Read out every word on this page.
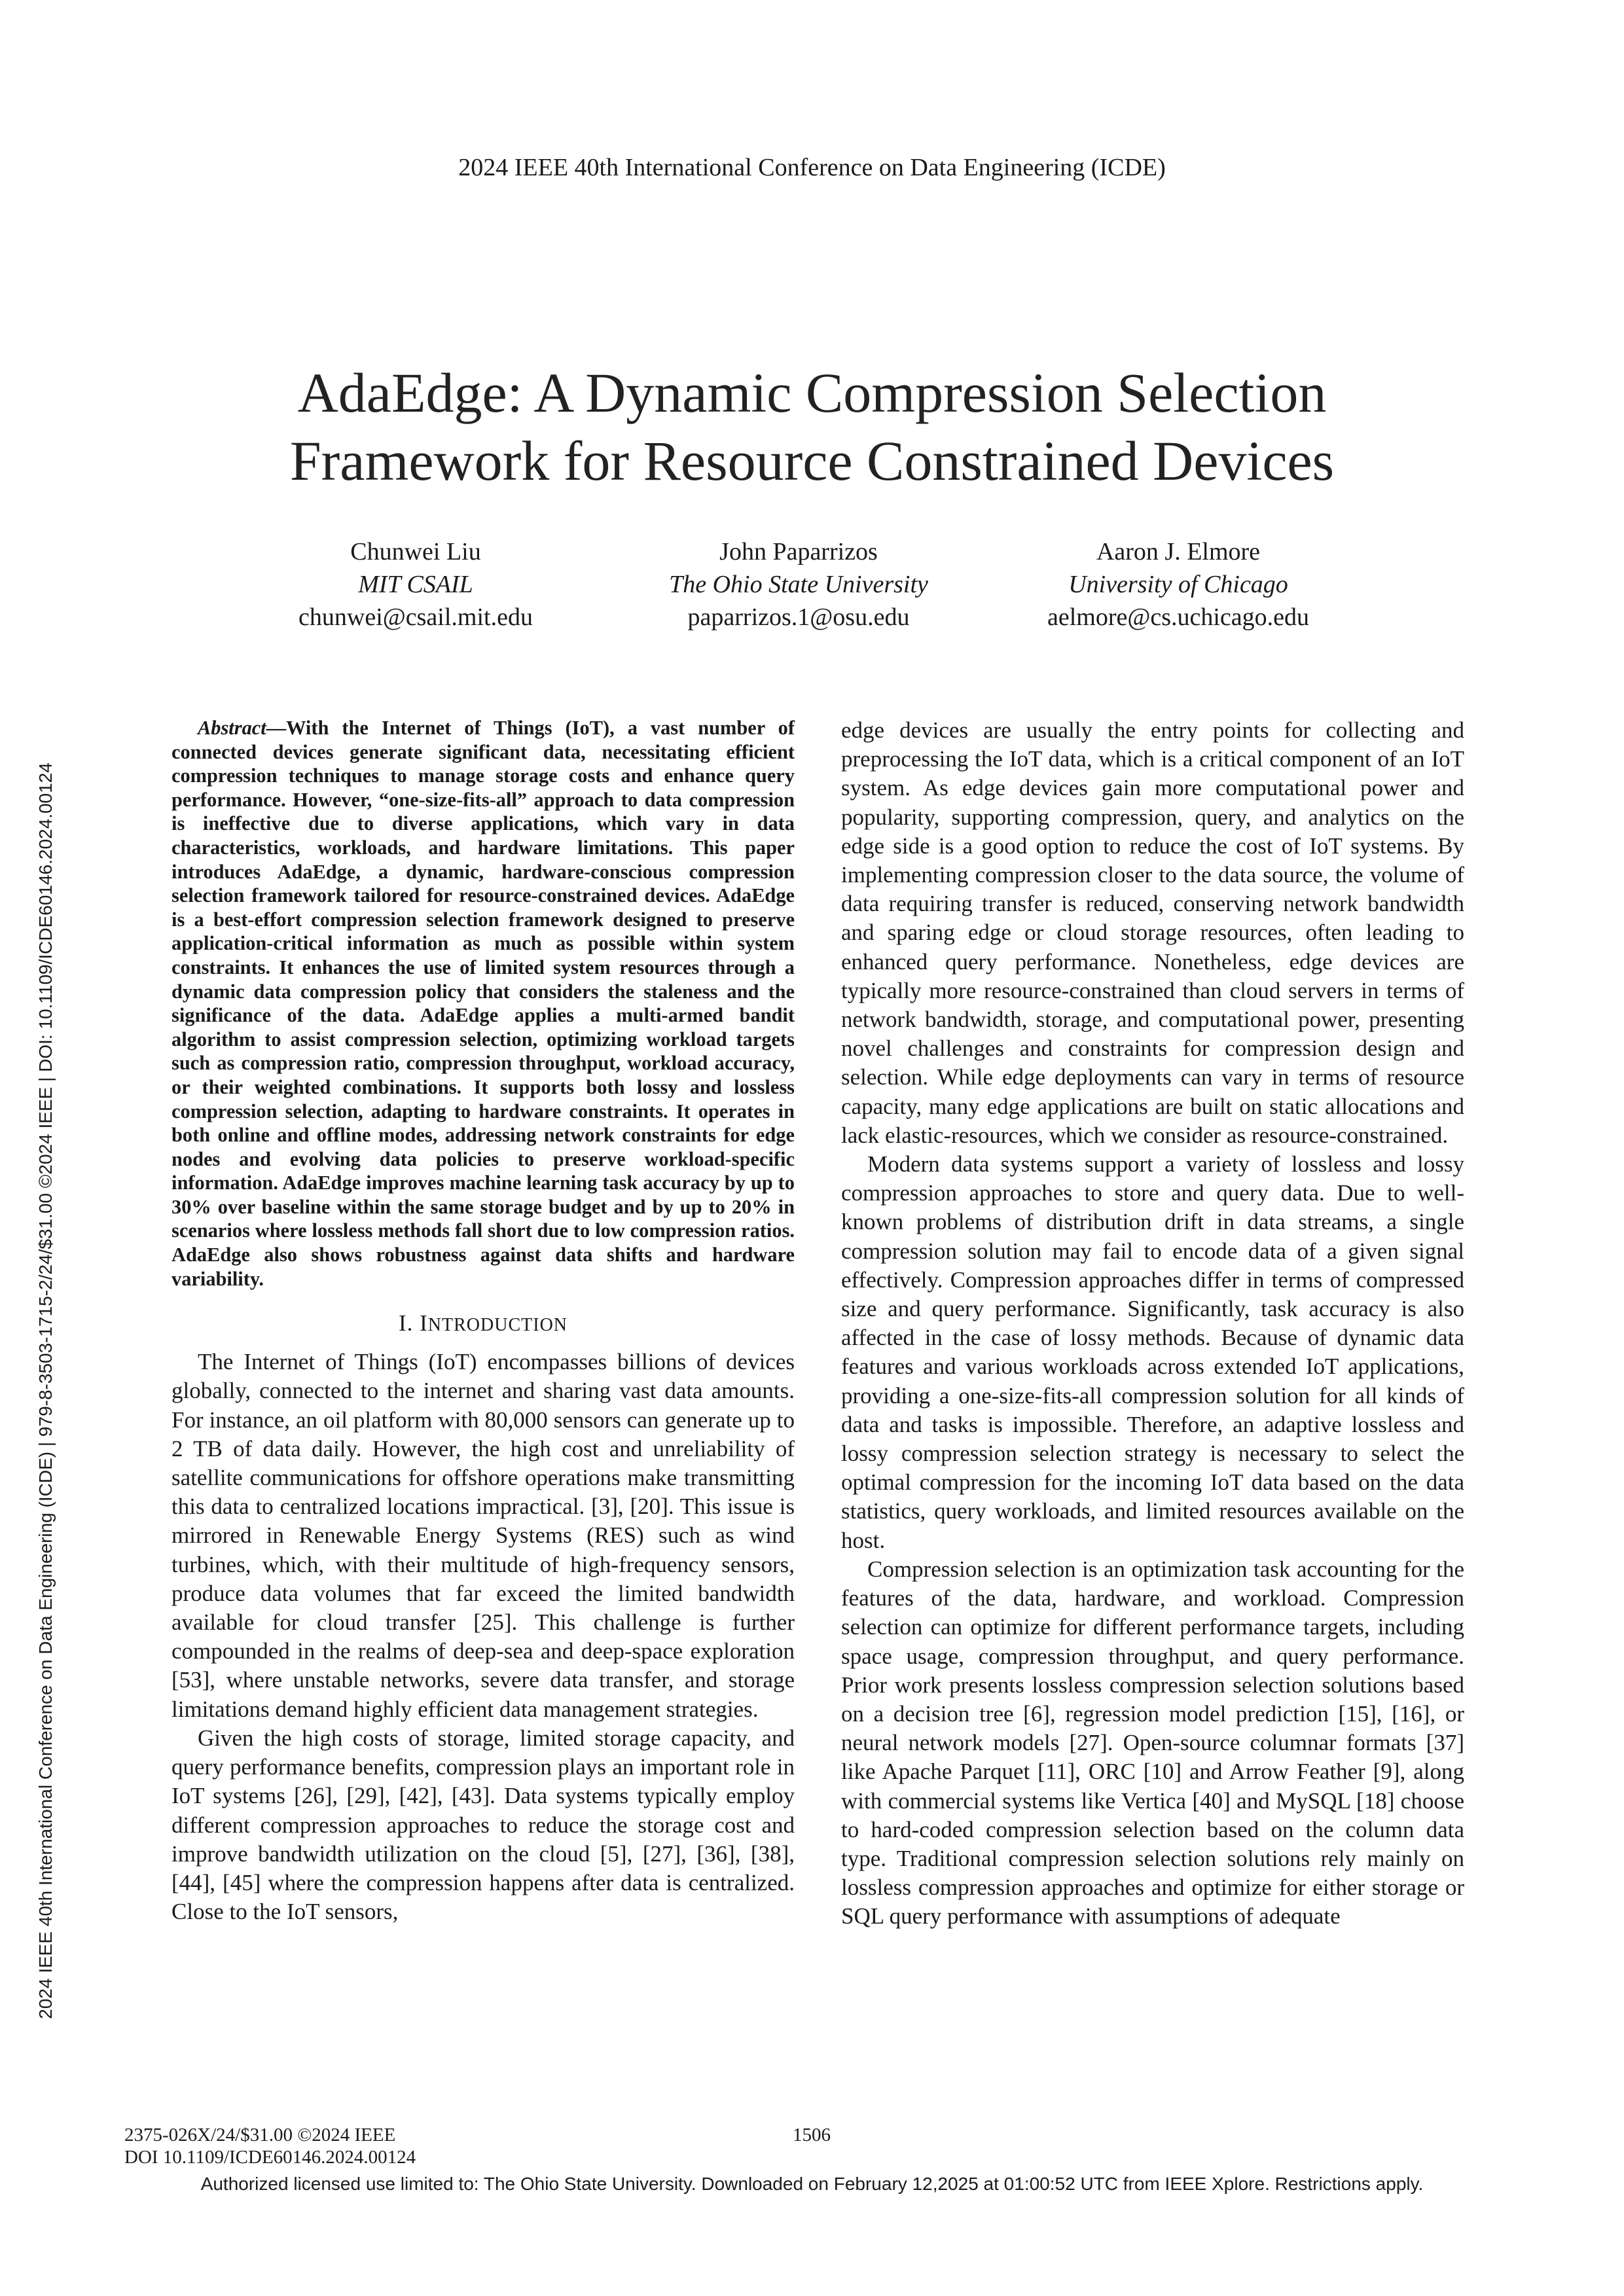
2024 IEEE 40th International Conference on Data Engineering (ICDE)
AdaEdge: A Dynamic Compression Selection
Framework for Resource Constrained Devices
Chunwei Liu
MIT CSAIL
chunwei@csail.mit.edu
John Paparrizos
The Ohio State University
paparrizos.1@osu.edu
Aaron J. Elmore
University of Chicago
aelmore@cs.uchicago.edu
2024 IEEE 40th International Conference on Data Engineering (ICDE) | 979-8-3503-1715-2/24/$31.00 ©2024 IEEE | DOI: 10.1109/ICDE60146.2024.00124

Abstract—With the Internet of Things (IoT), a vast number of connected devices generate significant data, necessitating efficient compression techniques to manage storage costs and enhance query performance. However, “one-size-fits-all” approach to data compression is ineffective due to diverse applications, which vary in data characteristics, workloads, and hardware limitations. This paper introduces AdaEdge, a dynamic, hardware-conscious compression selection framework tailored for resource-constrained devices. AdaEdge is a best-effort compression selection framework designed to preserve application-critical information as much as possible within system constraints. It enhances the use of limited system resources through a dynamic data compression policy that considers the staleness and the significance of the data. AdaEdge applies a multi-armed bandit algorithm to assist compression selection, optimizing workload targets such as compression ratio, compression throughput, workload accuracy, or their weighted combinations. It supports both lossy and lossless compression selection, adapting to hardware constraints. It operates in both online and offline modes, addressing network constraints for edge nodes and evolving data policies to preserve workload-specific information. AdaEdge improves machine learning task accuracy by up to 30% over baseline within the same storage budget and by up to 20% in scenarios where lossless methods fall short due to low compression ratios. AdaEdge also shows robustness against data shifts and hardware variability.

I. INTRODUCTION

The Internet of Things (IoT) encompasses billions of devices globally, connected to the internet and sharing vast data amounts. For instance, an oil platform with 80,000 sensors can generate up to 2 TB of data daily. However, the high cost and unreliability of satellite communications for offshore operations make transmitting this data to centralized locations impractical. [3], [20]. This issue is mirrored in Renewable Energy Systems (RES) such as wind turbines, which, with their multitude of high-frequency sensors, produce data volumes that far exceed the limited bandwidth available for cloud transfer [25]. This challenge is further compounded in the realms of deep-sea and deep-space exploration [53], where unstable networks, severe data transfer, and storage limitations demand highly efficient data management strategies.

Given the high costs of storage, limited storage capacity, and query performance benefits, compression plays an important role in IoT systems [26], [29], [42], [43]. Data systems typically employ different compression approaches to reduce the storage cost and improve bandwidth utilization on the cloud [5], [27], [36], [38], [44], [45] where the compression happens after data is centralized. Close to the IoT sensors,

edge devices are usually the entry points for collecting and preprocessing the IoT data, which is a critical component of an IoT system. As edge devices gain more computational power and popularity, supporting compression, query, and analytics on the edge side is a good option to reduce the cost of IoT systems. By implementing compression closer to the data source, the volume of data requiring transfer is reduced, conserving network bandwidth and sparing edge or cloud storage resources, often leading to enhanced query performance. Nonetheless, edge devices are typically more resource-constrained than cloud servers in terms of network bandwidth, storage, and computational power, presenting novel challenges and constraints for compression design and selection. While edge deployments can vary in terms of resource capacity, many edge applications are built on static allocations and lack elastic-resources, which we consider as resource-constrained.

Modern data systems support a variety of lossless and lossy compression approaches to store and query data. Due to well-known problems of distribution drift in data streams, a single compression solution may fail to encode data of a given signal effectively. Compression approaches differ in terms of compressed size and query performance. Significantly, task accuracy is also affected in the case of lossy methods. Because of dynamic data features and various workloads across extended IoT applications, providing a one-size-fits-all compression solution for all kinds of data and tasks is impossible. Therefore, an adaptive lossless and lossy compression selection strategy is necessary to select the optimal compression for the incoming IoT data based on the data statistics, query workloads, and limited resources available on the host.

Compression selection is an optimization task accounting for the features of the data, hardware, and workload. Compression selection can optimize for different performance targets, including space usage, compression throughput, and query performance. Prior work presents lossless compression selection solutions based on a decision tree [6], regression model prediction [15], [16], or neural network models [27]. Open-source columnar formats [37] like Apache Parquet [11], ORC [10] and Arrow Feather [9], along with commercial systems like Vertica [40] and MySQL [18] choose to hard-coded compression selection based on the column data type. Traditional compression selection solutions rely mainly on lossless compression approaches and optimize for either storage or SQL query performance with assumptions of adequate

2375-026X/24/$31.00 ©2024 IEEE
DOI 10.1109/ICDE60146.2024.00124
1506
Authorized licensed use limited to: The Ohio State University. Downloaded on February 12,2025 at 01:00:52 UTC from IEEE Xplore. Restrictions apply.
